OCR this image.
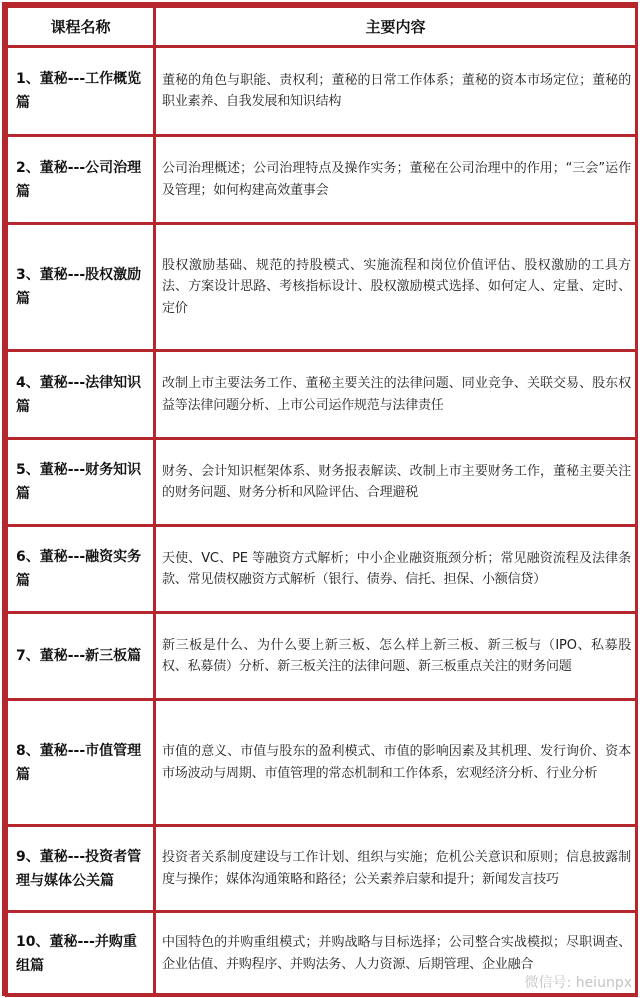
课程名称	主要内容
1、董秘---工作概览篇	董秘的角色与职能、责权利；董秘的日常工作体系；董秘的资本市场定位；董秘的职业素养、自我发展和知识结构
2、董秘---公司治理篇	公司治理概述；公司治理特点及操作实务；董秘在公司治理中的作用；“三会”运作及管理；如何构建高效董事会
3、董秘---股权激励篇	股权激励基础、规范的持股模式、实施流程和岗位价值评估、股权激励的工具方法、方案设计思路、考核指标设计、股权激励模式选择、如何定人、定量、定时、定价
4、董秘---法律知识篇	改制上市主要法务工作、董秘主要关注的法律问题、同业竞争、关联交易、股东权益等法律问题分析、上市公司运作规范与法律责任
5、董秘---财务知识篇	财务、会计知识框架体系、财务报表解读、改制上市主要财务工作，董秘主要关注的财务问题、财务分析和风险评估、合理避税
6、董秘---融资实务篇	天使、VC、PE 等融资方式解析；中小企业融资瓶颈分析；常见融资流程及法律条款、常见债权融资方式解析（银行、债券、信托、担保、小额信贷）
7、董秘---新三板篇	新三板是什么、为什么要上新三板、怎么样上新三板、新三板与（IPO、私募股权、私募债）分析、新三板关注的法律问题、新三板重点关注的财务问题
8、董秘---市值管理篇	市值的意义、市值与股东的盈利模式、市值的影响因素及其机理、发行询价、资本市场波动与周期、市值管理的常态机制和工作体系，宏观经济分析、行业分析
9、董秘---投资者管理与媒体公关篇	投资者关系制度建设与工作计划、组织与实施；危机公关意识和原则；信息披露制度与操作；媒体沟通策略和路径；公关素养启蒙和提升；新闻发言技巧
10、董秘---并购重组篇	中国特色的并购重组模式；并购战略与目标选择；公司整合实战模拟；尽职调查、企业估值、并购程序、并购法务、人力资源、后期管理、企业融合
微信号: heiunpx
